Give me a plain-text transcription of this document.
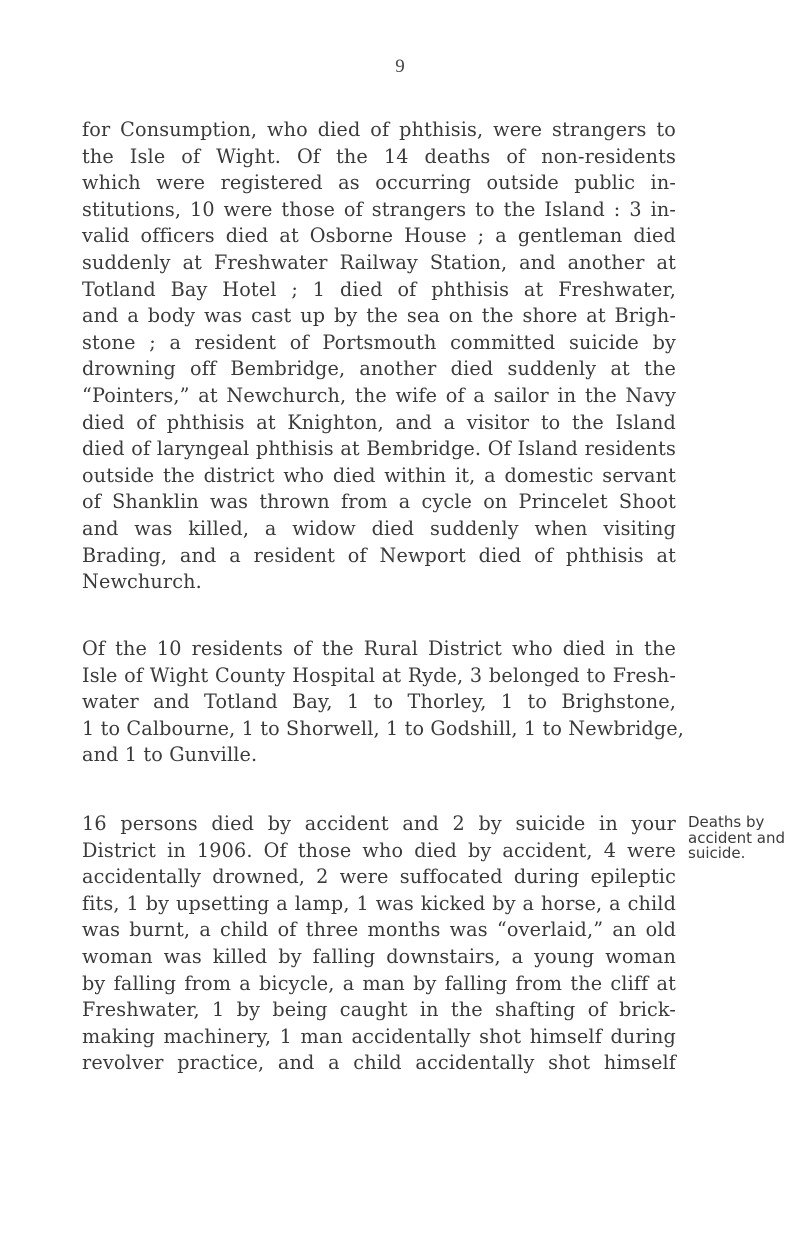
9
for Consumption, who died of phthisis, were strangers to
the Isle of Wight. Of the 14 deaths of non-residents
which were registered as occurring outside public in-
stitutions, 10 were those of strangers to the Island : 3 in-
valid officers died at Osborne House ; a gentleman died
suddenly at Freshwater Railway Station, and another at
Totland Bay Hotel ; 1 died of phthisis at Freshwater,
and a body was cast up by the sea on the shore at Brigh-
stone ; a resident of Portsmouth committed suicide by
drowning off Bembridge, another died suddenly at the
“Pointers,” at Newchurch, the wife of a sailor in the Navy
died of phthisis at Knighton, and a visitor to the Island
died of laryngeal phthisis at Bembridge. Of Island residents
outside the district who died within it, a domestic servant
of Shanklin was thrown from a cycle on Princelet Shoot
and was killed, a widow died suddenly when visiting
Brading, and a resident of Newport died of phthisis at
Newchurch.
Of the 10 residents of the Rural District who died in the
Isle of Wight County Hospital at Ryde, 3 belonged to Fresh-
water and Totland Bay, 1 to Thorley, 1 to Brighstone,
1 to Calbourne, 1 to Shorwell, 1 to Godshill, 1 to Newbridge,
and 1 to Gunville.
16 persons died by accident and 2 by suicide in your
District in 1906. Of those who died by accident, 4 were
accidentally drowned, 2 were suffocated during epileptic
fits, 1 by upsetting a lamp, 1 was kicked by a horse, a child
was burnt, a child of three months was “overlaid,” an old
woman was killed by falling downstairs, a young woman
by falling from a bicycle, a man by falling from the cliff at
Freshwater, 1 by being caught in the shafting of brick-
making machinery, 1 man accidentally shot himself during
revolver practice, and a child accidentally shot himself
Deaths by
accident and
suicide.
